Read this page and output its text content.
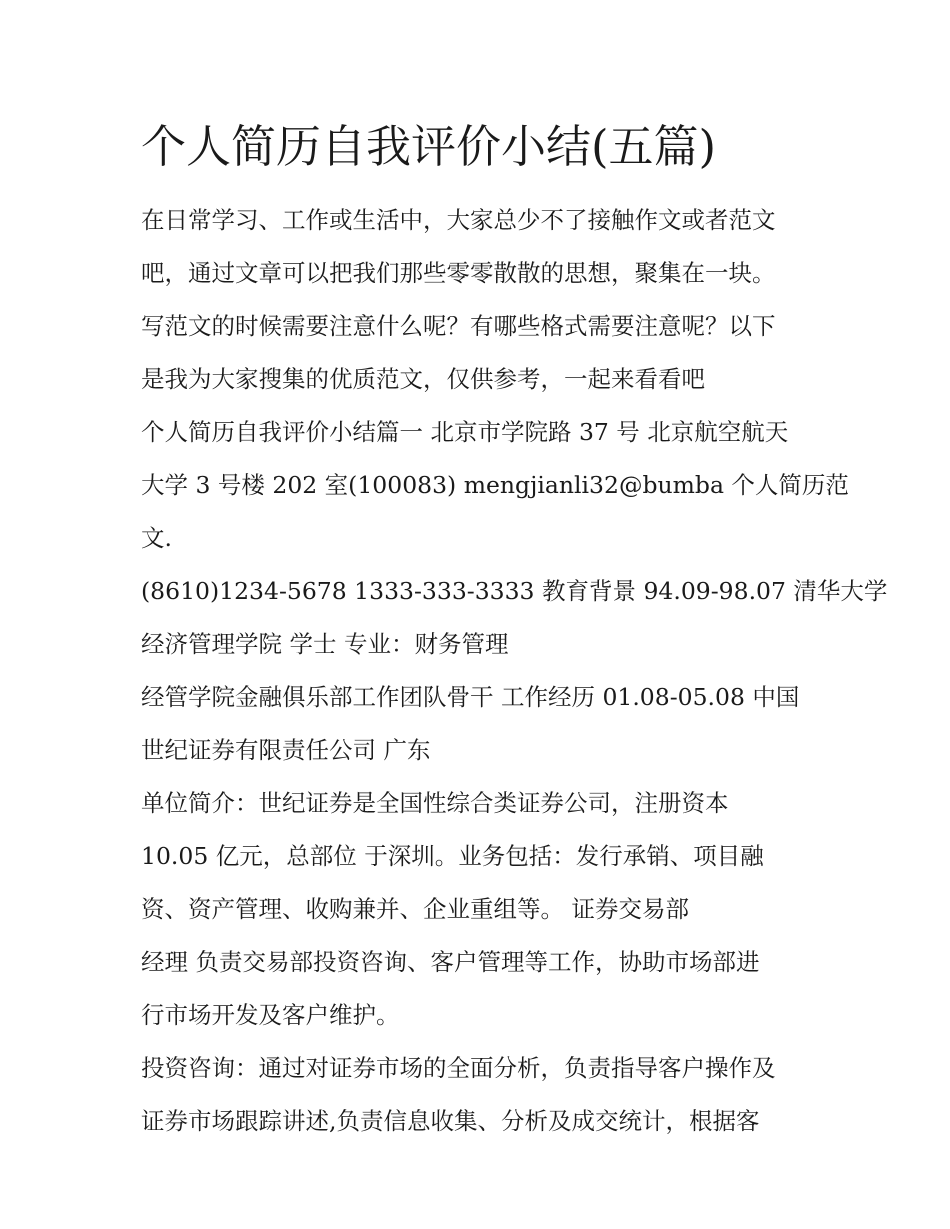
个人简历自我评价小结(五篇)
在日常学习、工作或生活中，大家总少不了接触作文或者范文
吧，通过文章可以把我们那些零零散散的思想，聚集在一块。
写范文的时候需要注意什么呢？有哪些格式需要注意呢？以下
是我为大家搜集的优质范文，仅供参考，一起来看看吧
个人简历自我评价小结篇一 北京市学院路 37 号 北京航空航天
大学 3 号楼 202 室(100083) mengjianli32@bumba 个人简历范
文.
(8610)1234-5678 1333-333-3333 教育背景 94.09-98.07 清华大学
经济管理学院 学士 专业：财务管理
经管学院金融俱乐部工作团队骨干 工作经历 01.08-05.08 中国
世纪证券有限责任公司 广东
单位简介：世纪证券是全国性综合类证券公司，注册资本
10.05 亿元，总部位 于深圳。业务包括：发行承销、项目融
资、资产管理、收购兼并、企业重组等。 证券交易部
经理 负责交易部投资咨询、客户管理等工作，协助市场部进
行市场开发及客户维护。
投资咨询：通过对证券市场的全面分析，负责指导客户操作及
证券市场跟踪讲述,负责信息收集、分析及成交统计，根据客
